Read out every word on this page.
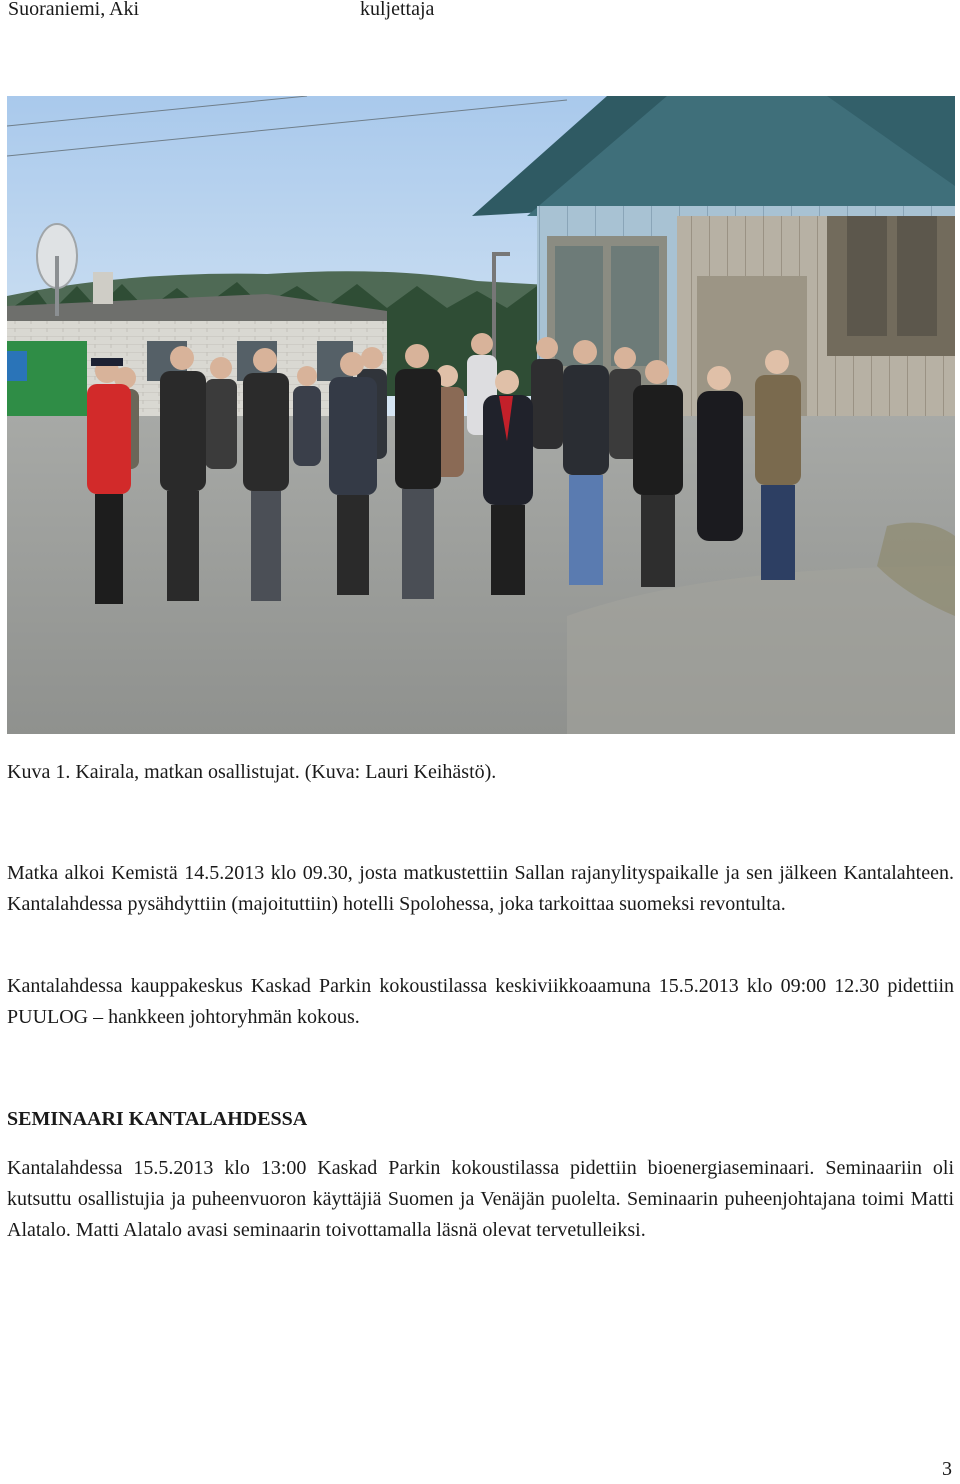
Suoraniemi, Aki	kuljettaja
Kuva 1. Kairala, matkan osallistujat. (Kuva: Lauri Keihästö).
Matka alkoi Kemistä 14.5.2013 klo 09.30, josta matkustettiin Sallan rajanylityspaikalle ja sen jälkeen Kantalahteen. Kantalahdessa pysähdyttiin (majoituttiin) hotelli Spolohessa, joka tarkoittaa suomeksi revontulta.
Kantalahdessa kauppakeskus Kaskad Parkin kokoustilassa keskiviikkoaamuna 15.5.2013 klo 09:00 12.30 pidettiin PUULOG – hankkeen johtoryhmän kokous.
SEMINAARI KANTALAHDESSA
Kantalahdessa 15.5.2013 klo 13:00 Kaskad Parkin kokoustilassa pidettiin bioenergiaseminaari. Seminaariin oli kutsuttu osallistujia ja puheenvuoron käyttäjiä Suomen ja Venäjän puolelta. Seminaarin puheenjohtajana toimi Matti Alatalo. Matti Alatalo avasi seminaarin toivottamalla läsnä olevat tervetulleiksi.
3
